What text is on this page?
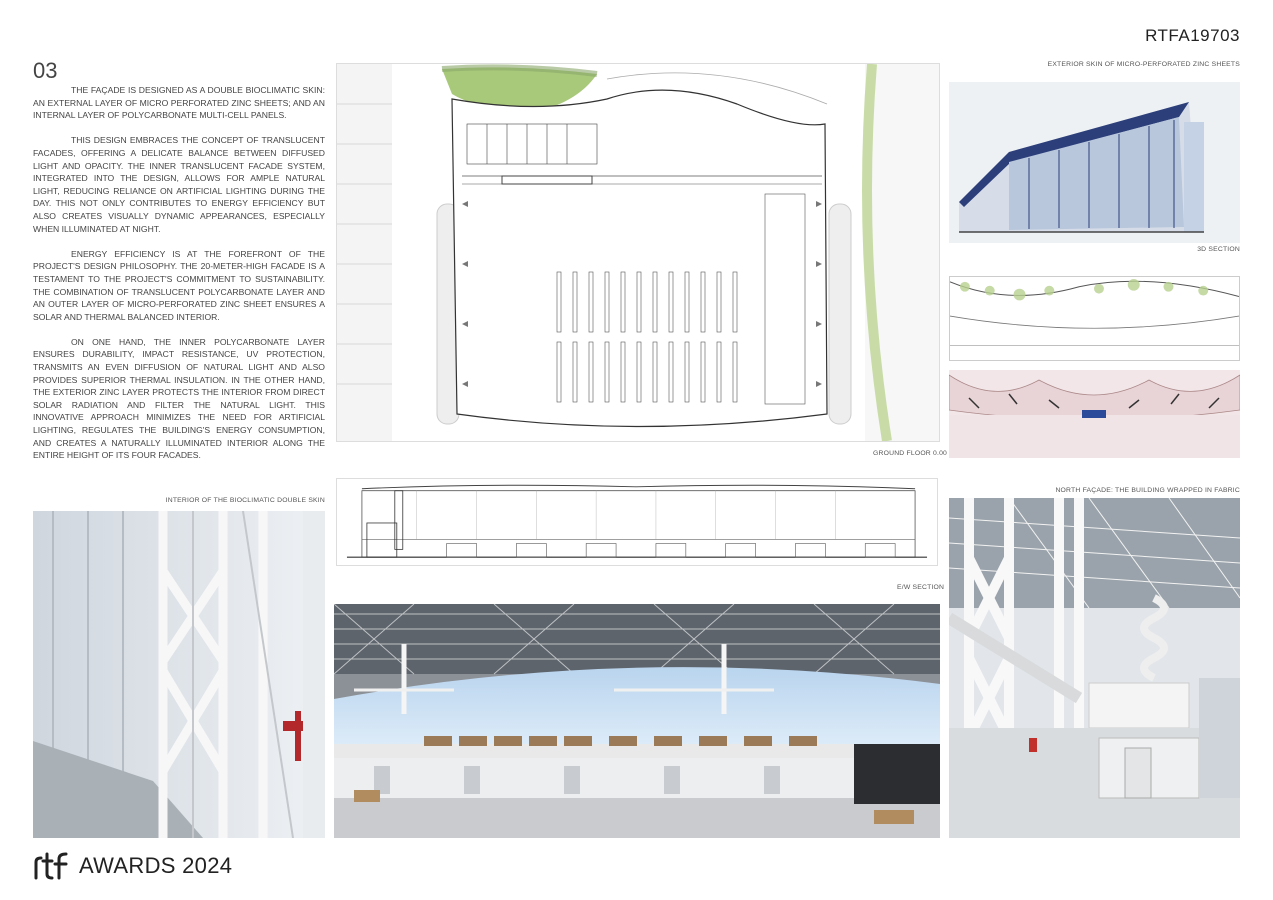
RTFA19703
03

THE FAÇADE IS DESIGNED AS A DOUBLE BIOCLIMATIC SKIN: AN EXTERNAL LAYER OF MICRO PERFORATED ZINC SHEETS; AND AN INTERNAL LAYER OF POLYCARBONATE MULTI-CELL PANELS.

THIS DESIGN EMBRACES THE CONCEPT OF TRANSLUCENT FACADES, OFFERING A DELICATE BALANCE BETWEEN DIFFUSED LIGHT AND OPACITY. THE INNER TRANSLUCENT FACADE SYSTEM, INTEGRATED INTO THE DESIGN, ALLOWS FOR AMPLE NATURAL LIGHT, REDUCING RELIANCE ON ARTIFICIAL LIGHTING DURING THE DAY. THIS NOT ONLY CONTRIBUTES TO ENERGY EFFICIENCY BUT ALSO CREATES VISUALLY DYNAMIC APPEARANCES, ESPECIALLY WHEN ILLUMINATED AT NIGHT.

ENERGY EFFICIENCY IS AT THE FOREFRONT OF THE PROJECT'S DESIGN PHILOSOPHY. THE 20-METER-HIGH FACADE IS A TESTAMENT TO THE PROJECT'S COMMITMENT TO SUSTAINABILITY. THE COMBINATION OF TRANSLUCENT POLYCARBONATE LAYER AND AN OUTER LAYER OF MICRO-PERFORATED ZINC SHEET ENSURES A SOLAR AND THERMAL BALANCED INTERIOR.

ON ONE HAND, THE INNER POLYCARBONATE LAYER ENSURES DURABILITY, IMPACT RESISTANCE, UV PROTECTION, TRANSMITS AN EVEN DIFFUSION OF NATURAL LIGHT AND ALSO PROVIDES SUPERIOR THERMAL INSULATION. IN THE OTHER HAND, THE EXTERIOR ZINC LAYER PROTECTS THE INTERIOR FROM DIRECT SOLAR RADIATION AND FILTER THE NATURAL LIGHT. THIS INNOVATIVE APPROACH MINIMIZES THE NEED FOR ARTIFICIAL LIGHTING, REGULATES THE BUILDING'S ENERGY CONSUMPTION, AND CREATES A NATURALLY ILLUMINATED INTERIOR ALONG THE ENTIRE HEIGHT OF ITS FOUR FACADES.	GROUND FLOOR 0.00
EXTERIOR SKIN OF MICRO-PERFORATED ZINC SHEETS
3D SECTION
INTERIOR OF THE BIOCLIMATIC DOUBLE SKIN
E/W SECTION
NORTH FAÇADE: THE BUILDING WRAPPED IN FABRIC
AWARDS 2024
